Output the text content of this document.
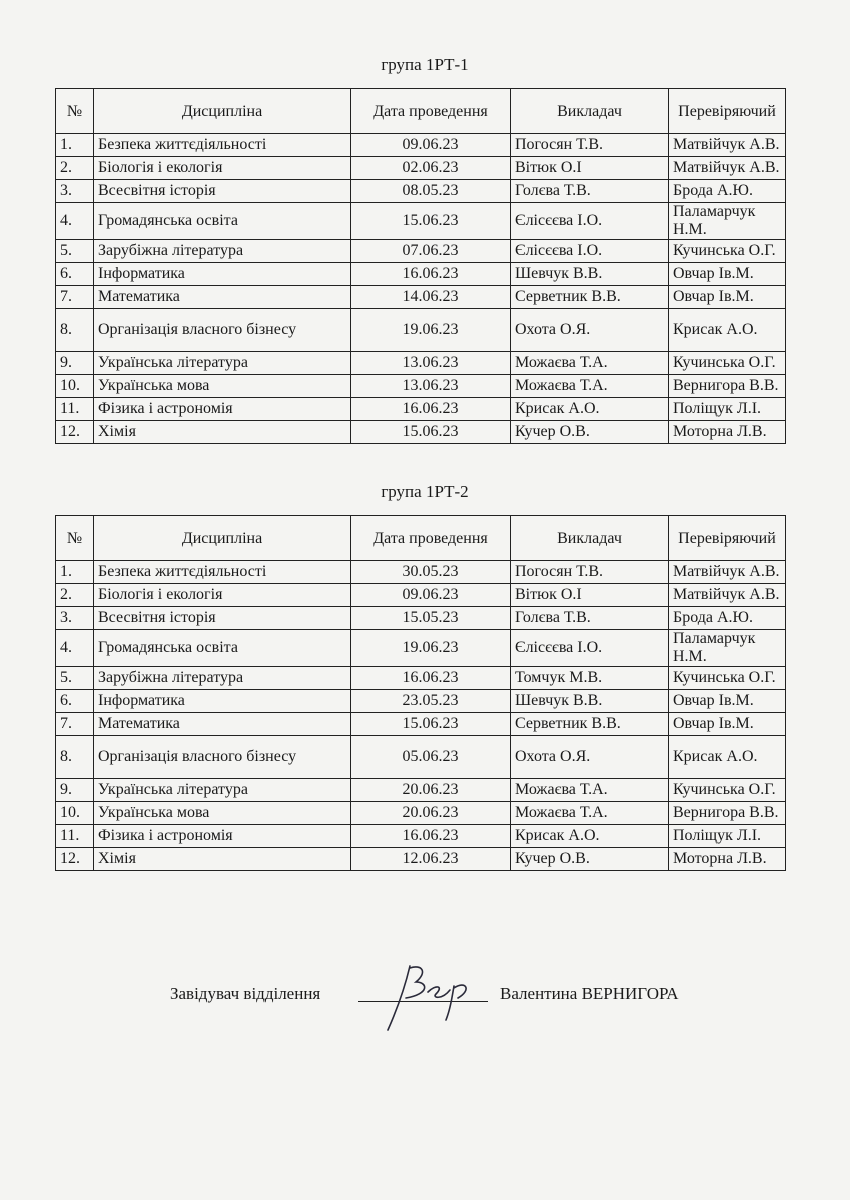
група 1РТ-1
№	Дисципліна	Дата проведення	Викладач	Перевіряючий
1.	Безпека життєдіяльності	09.06.23	Погосян Т.В.	Матвійчук А.В.
2.	Біологія і екологія	02.06.23	Вітюк О.І	Матвійчук А.В.
3.	Всесвітня історія	08.05.23	Голєва Т.В.	Брода А.Ю.
4.	Громадянська освіта	15.06.23	Єлісєєва І.О.	Паламарчук Н.М.
5.	Зарубіжна література	07.06.23	Єлісєєва І.О.	Кучинська О.Г.
6.	Інформатика	16.06.23	Шевчук В.В.	Овчар Ів.М.
7.	Математика	14.06.23	Серветник В.В.	Овчар Ів.М.
8.	Організація власного бізнесу	19.06.23	Охота О.Я.	Крисак А.О.
9.	Українська література	13.06.23	Можаєва Т.А.	Кучинська О.Г.
10.	Українська мова	13.06.23	Можаєва Т.А.	Вернигора В.В.
11.	Фізика і астрономія	16.06.23	Крисак А.О.	Поліщук Л.І.
12.	Хімія	15.06.23	Кучер О.В.	Моторна Л.В.
група 1РТ-2
№	Дисципліна	Дата проведення	Викладач	Перевіряючий
1.	Безпека життєдіяльності	30.05.23	Погосян Т.В.	Матвійчук А.В.
2.	Біологія і екологія	09.06.23	Вітюк О.І	Матвійчук А.В.
3.	Всесвітня історія	15.05.23	Голєва Т.В.	Брода А.Ю.
4.	Громадянська освіта	19.06.23	Єлісєєва І.О.	Паламарчук Н.М.
5.	Зарубіжна література	16.06.23	Томчук М.В.	Кучинська О.Г.
6.	Інформатика	23.05.23	Шевчук В.В.	Овчар Ів.М.
7.	Математика	15.06.23	Серветник В.В.	Овчар Ів.М.
8.	Організація власного бізнесу	05.06.23	Охота О.Я.	Крисак А.О.
9.	Українська література	20.06.23	Можаєва Т.А.	Кучинська О.Г.
10.	Українська мова	20.06.23	Можаєва Т.А.	Вернигора В.В.
11.	Фізика і астрономія	16.06.23	Крисак А.О.	Поліщук Л.І.
12.	Хімія	12.06.23	Кучер О.В.	Моторна Л.В.
Завідувач відділення	Валентина ВЕРНИГОРА
